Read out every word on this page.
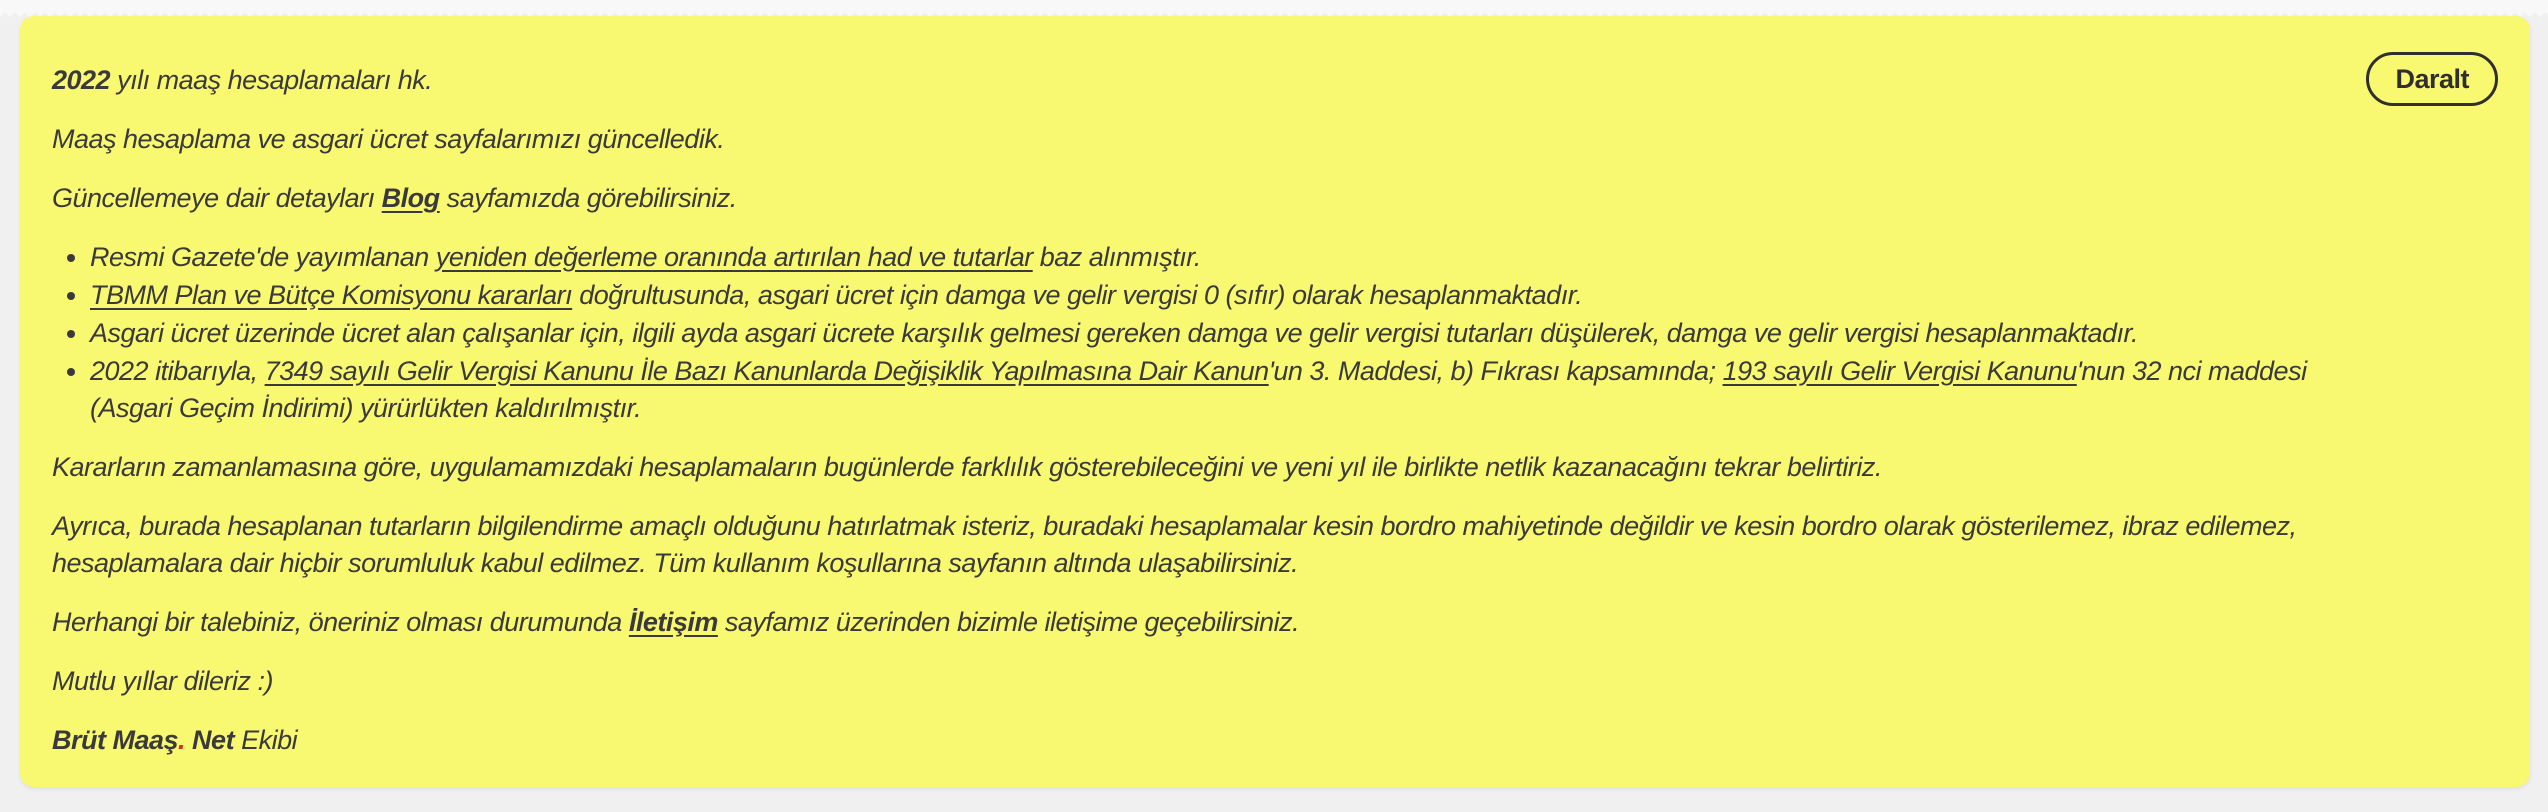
Daralt

2022 yılı maaş hesaplamaları hk.

Maaş hesaplama ve asgari ücret sayfalarımızı güncelledik.

Güncellemeye dair detayları Blog sayfamızda görebilirsiniz.

• Resmi Gazete'de yayımlanan yeniden değerleme oranında artırılan had ve tutarlar baz alınmıştır.
• TBMM Plan ve Bütçe Komisyonu kararları doğrultusunda, asgari ücret için damga ve gelir vergisi 0 (sıfır) olarak hesaplanmaktadır.
• Asgari ücret üzerinde ücret alan çalışanlar için, ilgili ayda asgari ücrete karşılık gelmesi gereken damga ve gelir vergisi tutarları düşülerek, damga ve gelir vergisi hesaplanmaktadır.
• 2022 itibarıyla, 7349 sayılı Gelir Vergisi Kanunu İle Bazı Kanunlarda Değişiklik Yapılmasına Dair Kanun'un 3. Maddesi, b) Fıkrası kapsamında; 193 sayılı Gelir Vergisi Kanunu'nun 32 nci maddesi (Asgari Geçim İndirimi) yürürlükten kaldırılmıştır.

Kararların zamanlamasına göre, uygulamamızdaki hesaplamaların bugünlerde farklılık gösterebileceğini ve yeni yıl ile birlikte netlik kazanacağını tekrar belirtiriz.

Ayrıca, burada hesaplanan tutarların bilgilendirme amaçlı olduğunu hatırlatmak isteriz, buradaki hesaplamalar kesin bordro mahiyetinde değildir ve kesin bordro olarak gösterilemez, ibraz edilemez, hesaplamalara dair hiçbir sorumluluk kabul edilmez. Tüm kullanım koşullarına sayfanın altında ulaşabilirsiniz.

Herhangi bir talebiniz, öneriniz olması durumunda İletişim sayfamız üzerinden bizimle iletişime geçebilirsiniz.

Mutlu yıllar dileriz :)

Brüt Maaş. Net Ekibi
